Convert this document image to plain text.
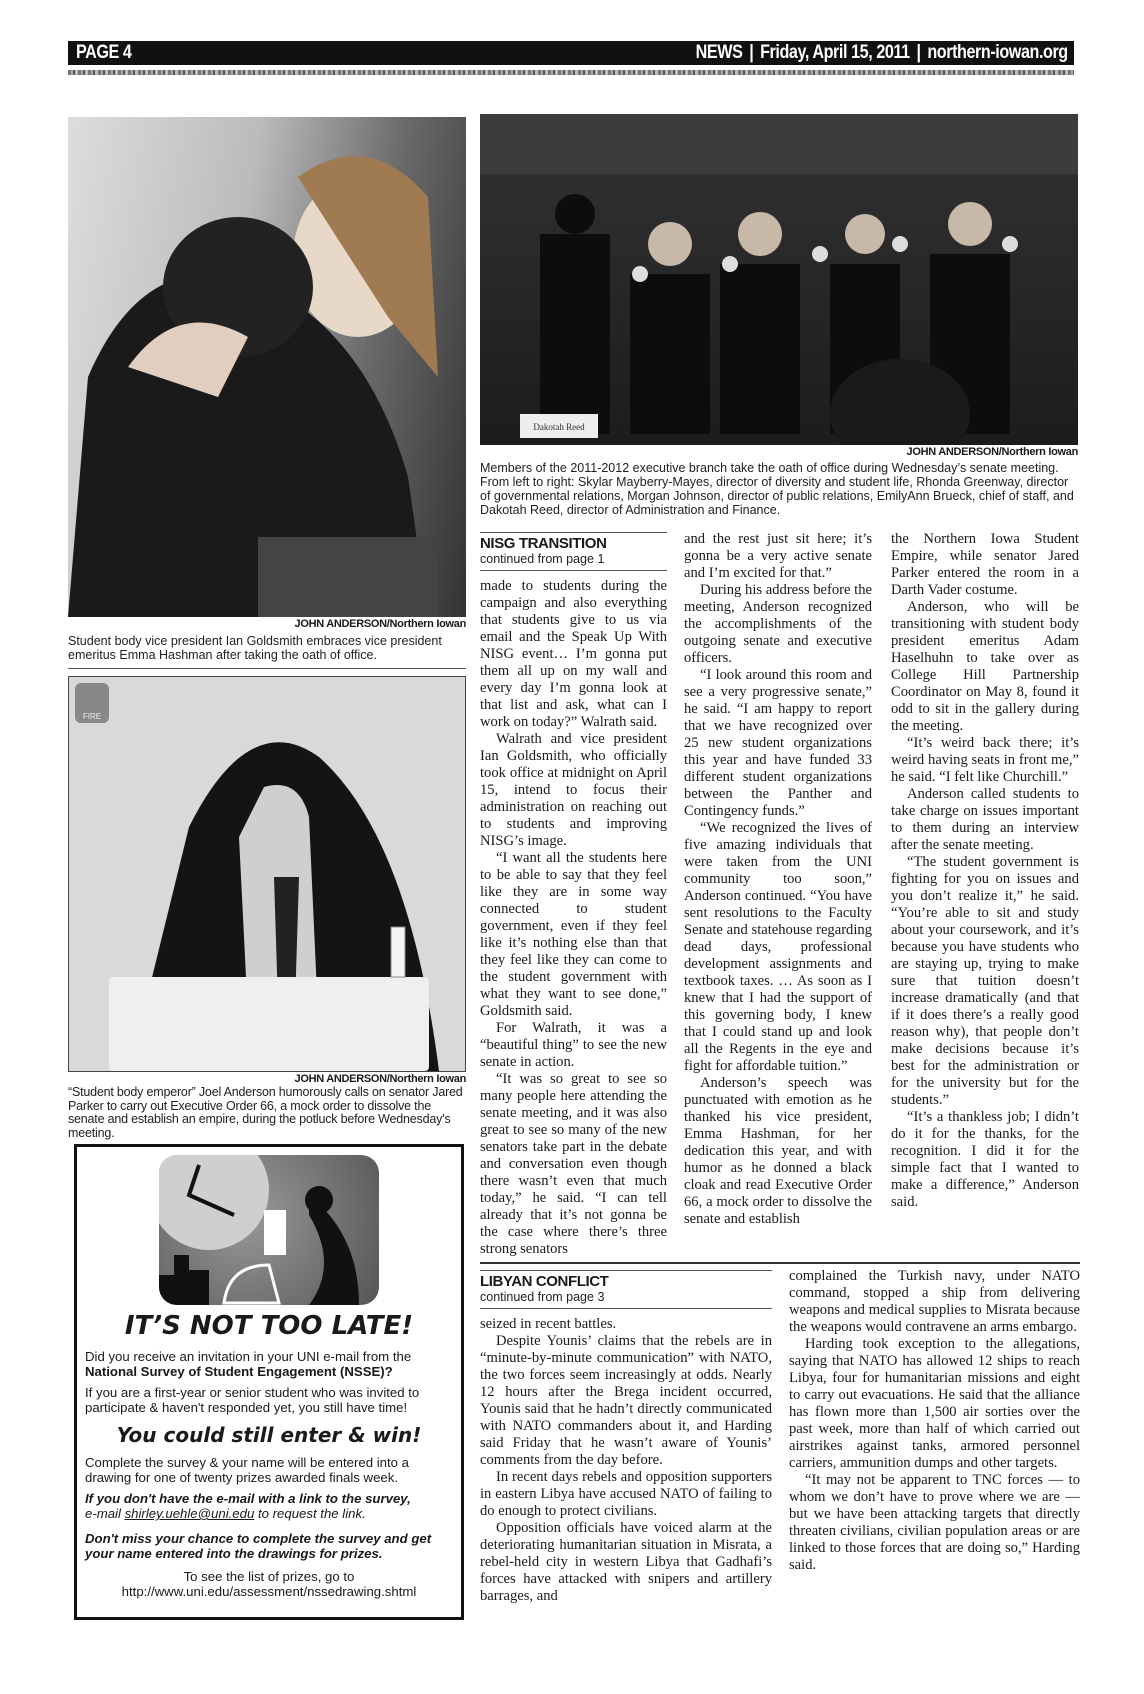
PAGE 4	NEWS | Friday, April 15, 2011 | northern-iowan.org
JOHN ANDERSON/Northern Iowan
Student body vice president Ian Goldsmith embraces vice president emeritus Emma Hashman after taking the oath of office.
FIRE
JOHN ANDERSON/Northern Iowan
“Student body emperor” Joel Anderson humorously calls on senator Jared Parker to carry out Executive Order 66, a mock order to dissolve the senate and establish an empire, during the potluck before Wednesday’s meeting.
IT’S NOT TOO LATE!

Did you receive an invitation in your UNI e-mail from the
National Survey of Student Engagement (NSSE)?

If you are a first-year or senior student who was invited to participate & haven't responded yet, you still have time!

You could still enter & win!

Complete the survey & your name will be entered into a drawing for one of twenty prizes awarded finals week.

If you don't have the e-mail with a link to the survey,
e-mail shirley.uehle@uni.edu to request the link.

Don't miss your chance to complete the survey and get your name entered into the drawings for prizes.

To see the list of prizes, go to
http://www.uni.edu/assessment/nssedrawing.shtml

Dakotah Reed
JOHN ANDERSON/Northern Iowan
Members of the 2011-2012 executive branch take the oath of office during Wednesday’s senate meeting. From left to right: Skylar Mayberry-Mayes, director of diversity and student life, Rhonda Greenway, director of governmental relations, Morgan Johnson, director of public relations, EmilyAnn Brueck, chief of staff, and Dakotah Reed, director of Administration and Finance.
NISG TRANSITION
continued from page 1

made to students during the campaign and also everything that students give to us via email and the Speak Up With NISG event… I’m gonna put them all up on my wall and every day I’m gonna look at that list and ask, what can I work on today?” Walrath said.

Walrath and vice president Ian Goldsmith, who officially took office at midnight on April 15, intend to focus their administration on reaching out to students and improving NISG’s image.

“I want all the students here to be able to say that they feel like they are in some way connected to student government, even if they feel like it’s nothing else than that they feel like they can come to the student government with what they want to see done,” Goldsmith said.

For Walrath, it was a “beautiful thing” to see the new senate in action.

“It was so great to see so many people here attending the senate meeting, and it was also great to see so many of the new senators take part in the debate and conversation even though there wasn’t even that much today,” he said. “I can tell already that it’s not gonna be the case where there’s three strong senators

and the rest just sit here; it’s gonna be a very active senate and I’m excited for that.”

During his address before the meeting, Anderson recognized the accomplishments of the outgoing senate and executive officers.

“I look around this room and see a very progressive senate,” he said. “I am happy to report that we have recognized over 25 new student organizations this year and have funded 33 different student organizations between the Panther and Contingency funds.”

“We recognized the lives of five amazing individuals that were taken from the UNI community too soon,” Anderson continued. “You have sent resolutions to the Faculty Senate and statehouse regarding dead days, professional development assignments and textbook taxes. … As soon as I knew that I had the support of this governing body, I knew that I could stand up and look all the Regents in the eye and fight for affordable tuition.”

Anderson’s speech was punctuated with emotion as he thanked his vice president, Emma Hashman, for her dedication this year, and with humor as he donned a black cloak and read Executive Order 66, a mock order to dissolve the senate and establish

the Northern Iowa Student Empire, while senator Jared Parker entered the room in a Darth Vader costume.

Anderson, who will be transitioning with student body president emeritus Adam Haselhuhn to take over as College Hill Partnership Coordinator on May 8, found it odd to sit in the gallery during the meeting.

“It’s weird back there; it’s weird having seats in front me,” he said. “I felt like Churchill.”

Anderson called students to take charge on issues important to them during an interview after the senate meeting.

“The student government is fighting for you on issues and you don’t realize it,” he said. “You’re able to sit and study about your coursework, and it’s because you have students who are staying up, trying to make sure that tuition doesn’t increase dramatically (and that if it does there’s a really good reason why), that people don’t make decisions because it’s best for the administration or for the university but for the students.”

“It’s a thankless job; I didn’t do it for the thanks, for the recognition. I did it for the simple fact that I wanted to make a difference,” Anderson said.

LIBYAN CONFLICT
continued from page 3

seized in recent battles.

Despite Younis’ claims that the rebels are in “minute-by-minute communication” with NATO, the two forces seem increasingly at odds. Nearly 12 hours after the Brega incident occurred, Younis said that he hadn’t directly communicated with NATO commanders about it, and Harding said Friday that he wasn’t aware of Younis’ comments from the day before.

In recent days rebels and opposition supporters in eastern Libya have accused NATO of failing to do enough to protect civilians.

Opposition officials have voiced alarm at the deteriorating humanitarian situation in Misrata, a rebel-held city in western Libya that Gadhafi’s forces have attacked with snipers and artillery barrages, and

complained the Turkish navy, under NATO command, stopped a ship from delivering weapons and medical supplies to Misrata because the weapons would contravene an arms embargo.

Harding took exception to the allegations, saying that NATO has allowed 12 ships to reach Libya, four for humanitarian missions and eight to carry out evacuations. He said that the alliance has flown more than 1,500 air sorties over the past week, more than half of which carried out airstrikes against tanks, armored personnel carriers, ammunition dumps and other targets.

“It may not be apparent to TNC forces — to whom we don’t have to prove where we are — but we have been attacking targets that directly threaten civilians, civilian population areas or are linked to those forces that are doing so,” Harding said.
